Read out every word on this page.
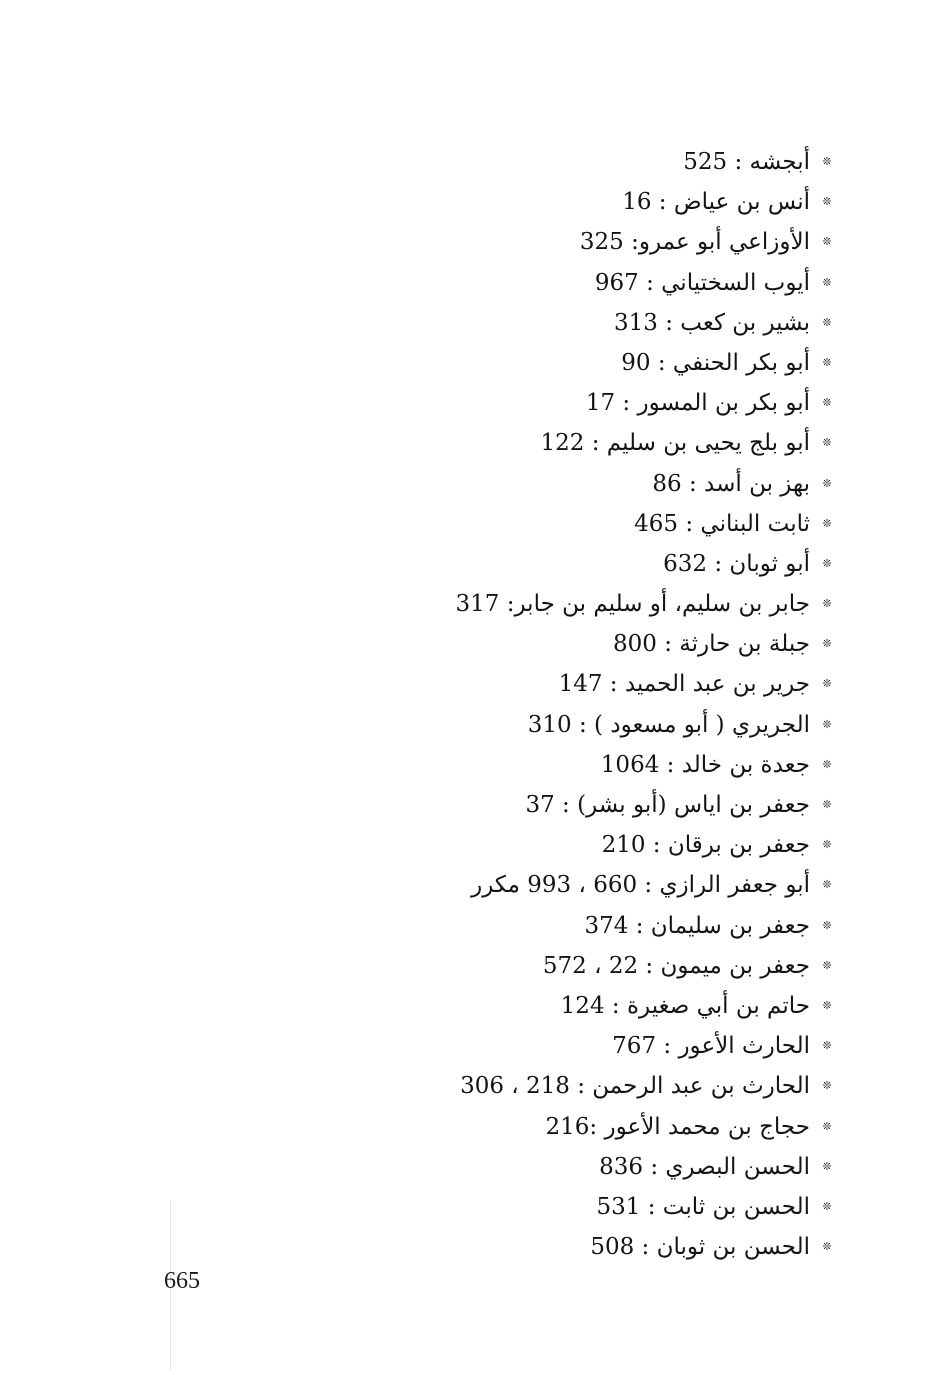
❊
أبجشه : 525
❊
أنس بن عياض : 16
❊
الأوزاعي أبو عمرو: 325
❊
أيوب السختياني : 967
❊
بشير بن كعب : 313
❊
أبو بكر الحنفي : 90
❊
أبو بكر بن المسور : 17
❊
أبو بلج يحيى بن سليم : 122
❊
بهز بن أسد : 86
❊
ثابت البناني : 465
❊
أبو ثوبان : 632
❊
جابر بن سليم، أو سليم بن جابر: 317
❊
جبلة بن حارثة : 800
❊
جرير بن عبد الحميد : 147
❊
الجريري ( أبو مسعود ) : 310
❊
جعدة بن خالد : 1064
❊
جعفر بن اياس (أبو بشر) : 37
❊
جعفر بن برقان : 210
❊
أبو جعفر الرازي : 660 ، 993 مكرر
❊
جعفر بن سليمان : 374
❊
جعفر بن ميمون : 22 ، 572
❊
حاتم بن أبي صغيرة : 124
❊
الحارث الأعور : 767
❊
الحارث بن عبد الرحمن : 218 ، 306
❊
حجاج بن محمد الأعور :216
❊
الحسن البصري : 836
❊
الحسن بن ثابت : 531
❊
الحسن بن ثوبان : 508
665
